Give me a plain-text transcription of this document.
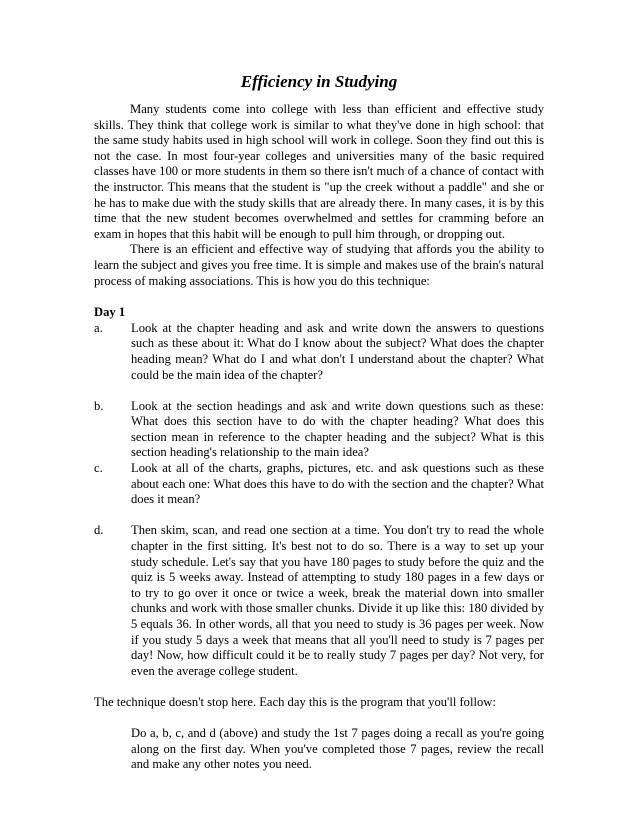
Efficiency in Studying

Many students come into college with less than efficient and effective study skills. They think that college work is similar to what they've done in high school: that the same study habits used in high school will work in college. Soon they find out this is not the case. In most four-year colleges and universities many of the basic required classes have 100 or more students in them so there isn't much of a chance of contact with the instructor. This means that the student is "up the creek without a paddle" and she or he has to make due with the study skills that are already there. In many cases, it is by this time that the new student becomes overwhelmed and settles for cramming before an exam in hopes that this habit will be enough to pull him through, or dropping out.

There is an efficient and effective way of studying that affords you the ability to learn the subject and gives you free time. It is simple and makes use of the brain's natural process of making associations. This is how you do this technique:

Day 1

a.	Look at the chapter heading and ask and write down the answers to questions such as these about it: What do I know about the subject? What does the chapter heading mean? What do I and what don't I understand about the chapter? What could be the main idea of the chapter?
b.	Look at the section headings and ask and write down questions such as these: What does this section have to do with the chapter heading? What does this section mean in reference to the chapter heading and the subject? What is this section heading's relationship to the main idea?
c.	Look at all of the charts, graphs, pictures, etc. and ask questions such as these about each one: What does this have to do with the section and the chapter? What does it mean?
d.	Then skim, scan, and read one section at a time. You don't try to read the whole chapter in the first sitting. It's best not to do so. There is a way to set up your study schedule. Let's say that you have 180 pages to study before the quiz and the quiz is 5 weeks away. Instead of attempting to study 180 pages in a few days or to try to go over it once or twice a week, break the material down into smaller chunks and work with those smaller chunks. Divide it up like this: 180 divided by 5 equals 36. In other words, all that you need to study is 36 pages per week. Now if you study 5 days a week that means that all you'll need to study is 7 pages per day! Now, how difficult could it be to really study 7 pages per day? Not very, for even the average college student.

The technique doesn't stop here. Each day this is the program that you'll follow:

Do a, b, c, and d (above) and study the 1st 7 pages doing a recall as you're going along on the first day. When you've completed those 7 pages, review the recall and make any other notes you need.
